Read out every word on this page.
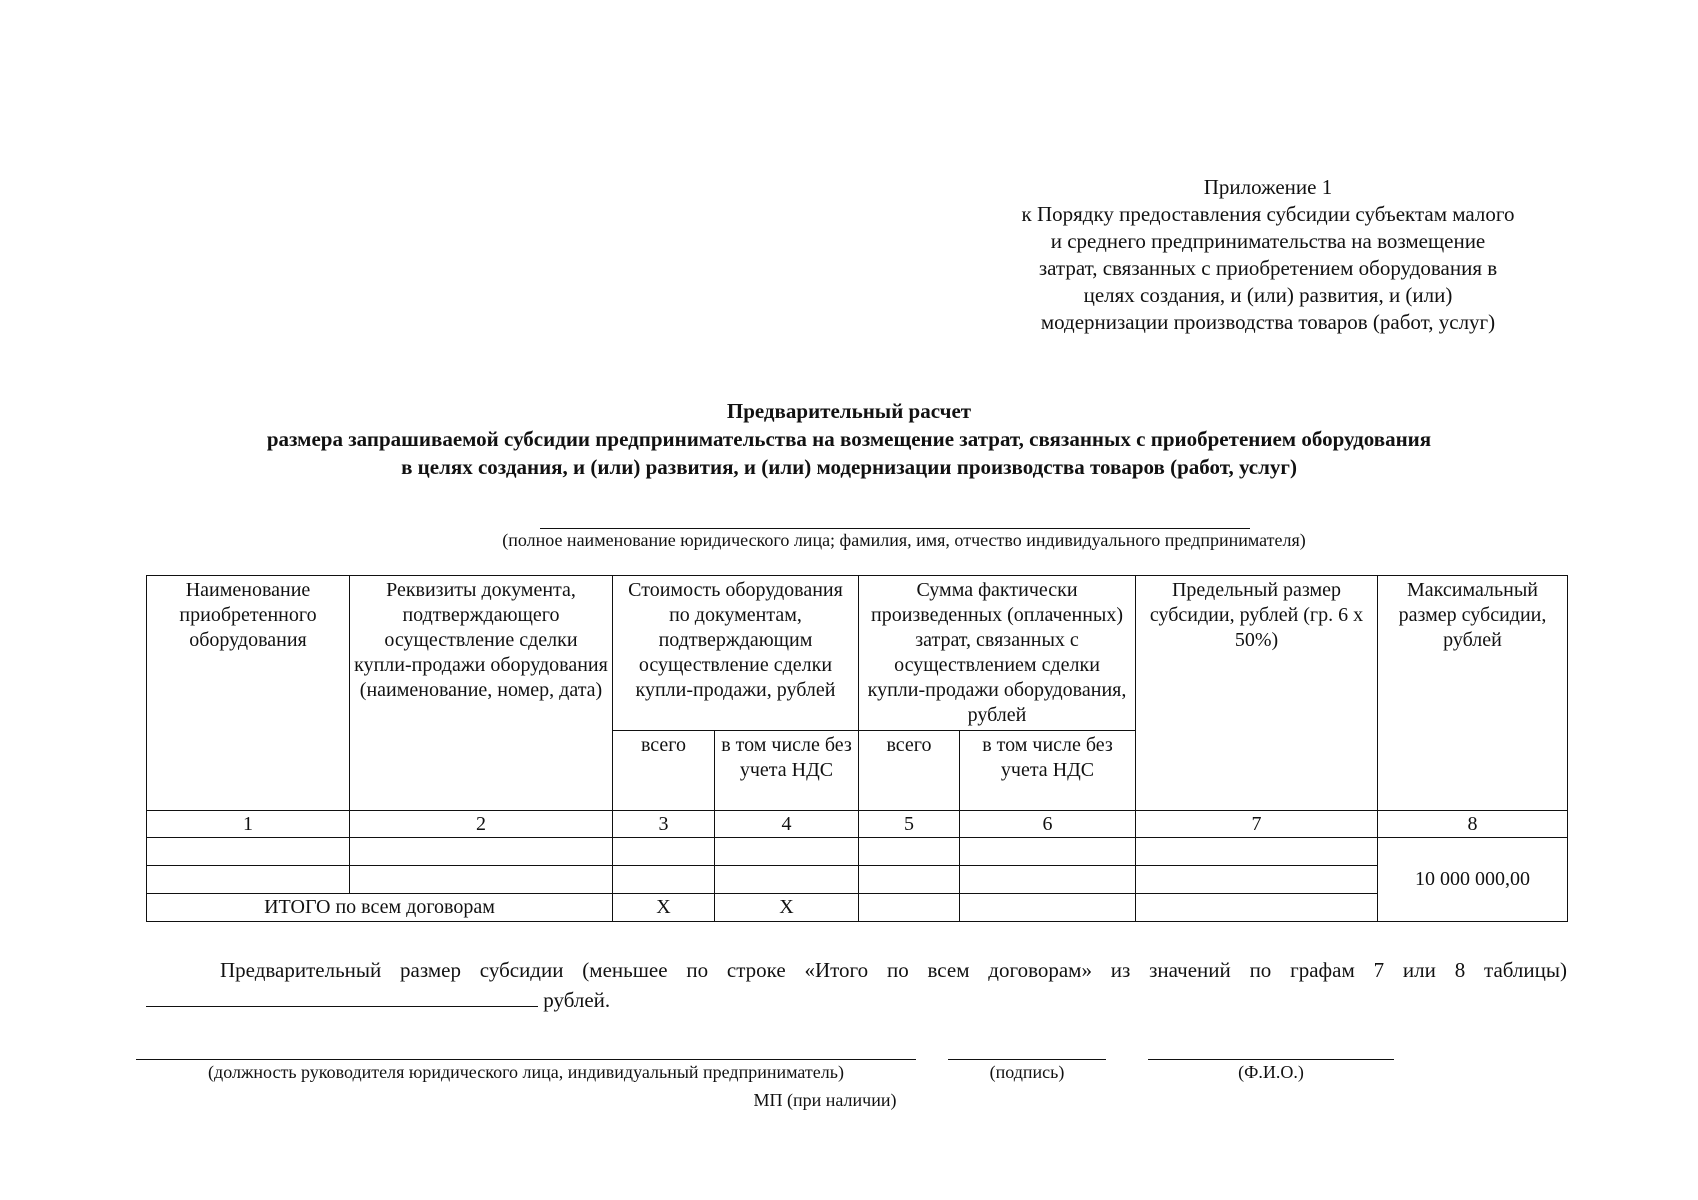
Приложение 1
к Порядку предоставления субсидии субъектам малого
и среднего предпринимательства на возмещение
затрат, связанных с приобретением оборудования в
целях создания, и (или) развития, и (или)
модернизации производства товаров (работ, услуг)
Предварительный расчет
размера запрашиваемой субсидии предпринимательства на возмещение затрат, связанных с приобретением оборудования
в целях создания, и (или) развития, и (или) модернизации производства товаров (работ, услуг)
(полное наименование юридического лица; фамилия, имя, отчество индивидуального предпринимателя)
Наименование приобретенного оборудования	Реквизиты документа, подтверждающего осуществление сделки купли-продажи оборудования (наименование, номер, дата)	Стоимость оборудования по документам, подтверждающим осуществление сделки купли-продажи, рублей		Сумма фактически произведенных (оплаченных) затрат, связанных с осуществлением сделки купли-продажи оборудования, рублей		Предельный размер субсидии, рублей (гр. 6 х 50%)	Максимальный размер субсидии, рублей
		всего	в том числе без учета НДС	всего	в том числе без учета НДС		
1	2	3	4	5	6	7	8
							10 000 000,00

ИТОГО по всем договорам		Х	Х				
Предварительный размер субсидии (меньшее по строке «Итого по всем договорам» из значений по графам 7 или 8 таблицы)  рублей.
(должность руководителя юридического лица, индивидуальный предприниматель)	(подпись)	(Ф.И.О.)
МП (при наличии)
